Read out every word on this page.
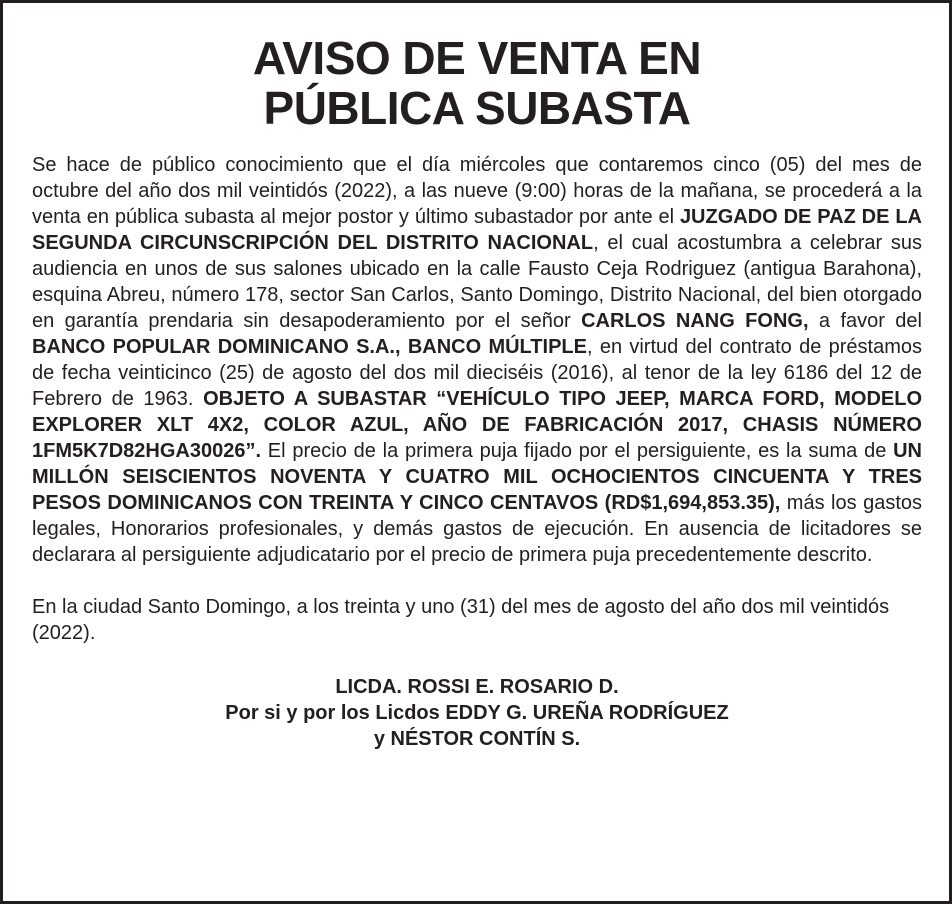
AVISO DE VENTA EN
PÚBLICA SUBASTA

Se hace de público conocimiento que el día miércoles que contaremos cinco (05) del mes de octubre del año dos mil veintidós (2022), a las nueve (9:00) horas de la mañana, se procederá a la venta en pública subasta al mejor postor y último subastador por ante el JUZGADO DE PAZ DE LA SEGUNDA CIRCUNSCRIPCIÓN DEL DISTRITO NACIONAL, el cual acostumbra a celebrar sus audiencia en unos de sus salones ubicado en la calle Fausto Ceja Rodriguez (antigua Barahona), esquina Abreu, número 178, sector San Carlos, Santo Domingo, Distrito Nacional, del bien otorgado en garantía prendaria sin desapoderamiento por el señor CARLOS NANG FONG, a favor del BANCO POPULAR DOMINICANO S.A., BANCO MÚLTIPLE, en virtud del contrato de préstamos de fecha veinticinco (25) de agosto del dos mil dieciséis (2016), al tenor de la ley 6186 del 12 de Febrero de 1963. OBJETO A SUBASTAR “VEHÍCULO TIPO JEEP, MARCA FORD, MODELO EXPLORER XLT 4X2, COLOR AZUL, AÑO DE FABRICACIÓN 2017, CHASIS NÚMERO 1FM5K7D82HGA30026”. El precio de la primera puja fijado por el persiguiente, es la suma de UN MILLÓN SEISCIENTOS NOVENTA Y CUATRO MIL OCHOCIENTOS CINCUENTA Y TRES PESOS DOMINICANOS CON TREINTA Y CINCO CENTAVOS (RD$1,694,853.35), más los gastos legales, Honorarios profesionales, y demás gastos de ejecución. En ausencia de licitadores se declarara al persiguiente adjudicatario por el precio de primera puja precedentemente descrito.

En la ciudad Santo Domingo, a los treinta y uno (31) del mes de agosto del año dos mil veintidós (2022).

LICDA. ROSSI E. ROSARIO D.
Por si y por los Licdos EDDY G. UREÑA RODRÍGUEZ
y NÉSTOR CONTÍN S.
